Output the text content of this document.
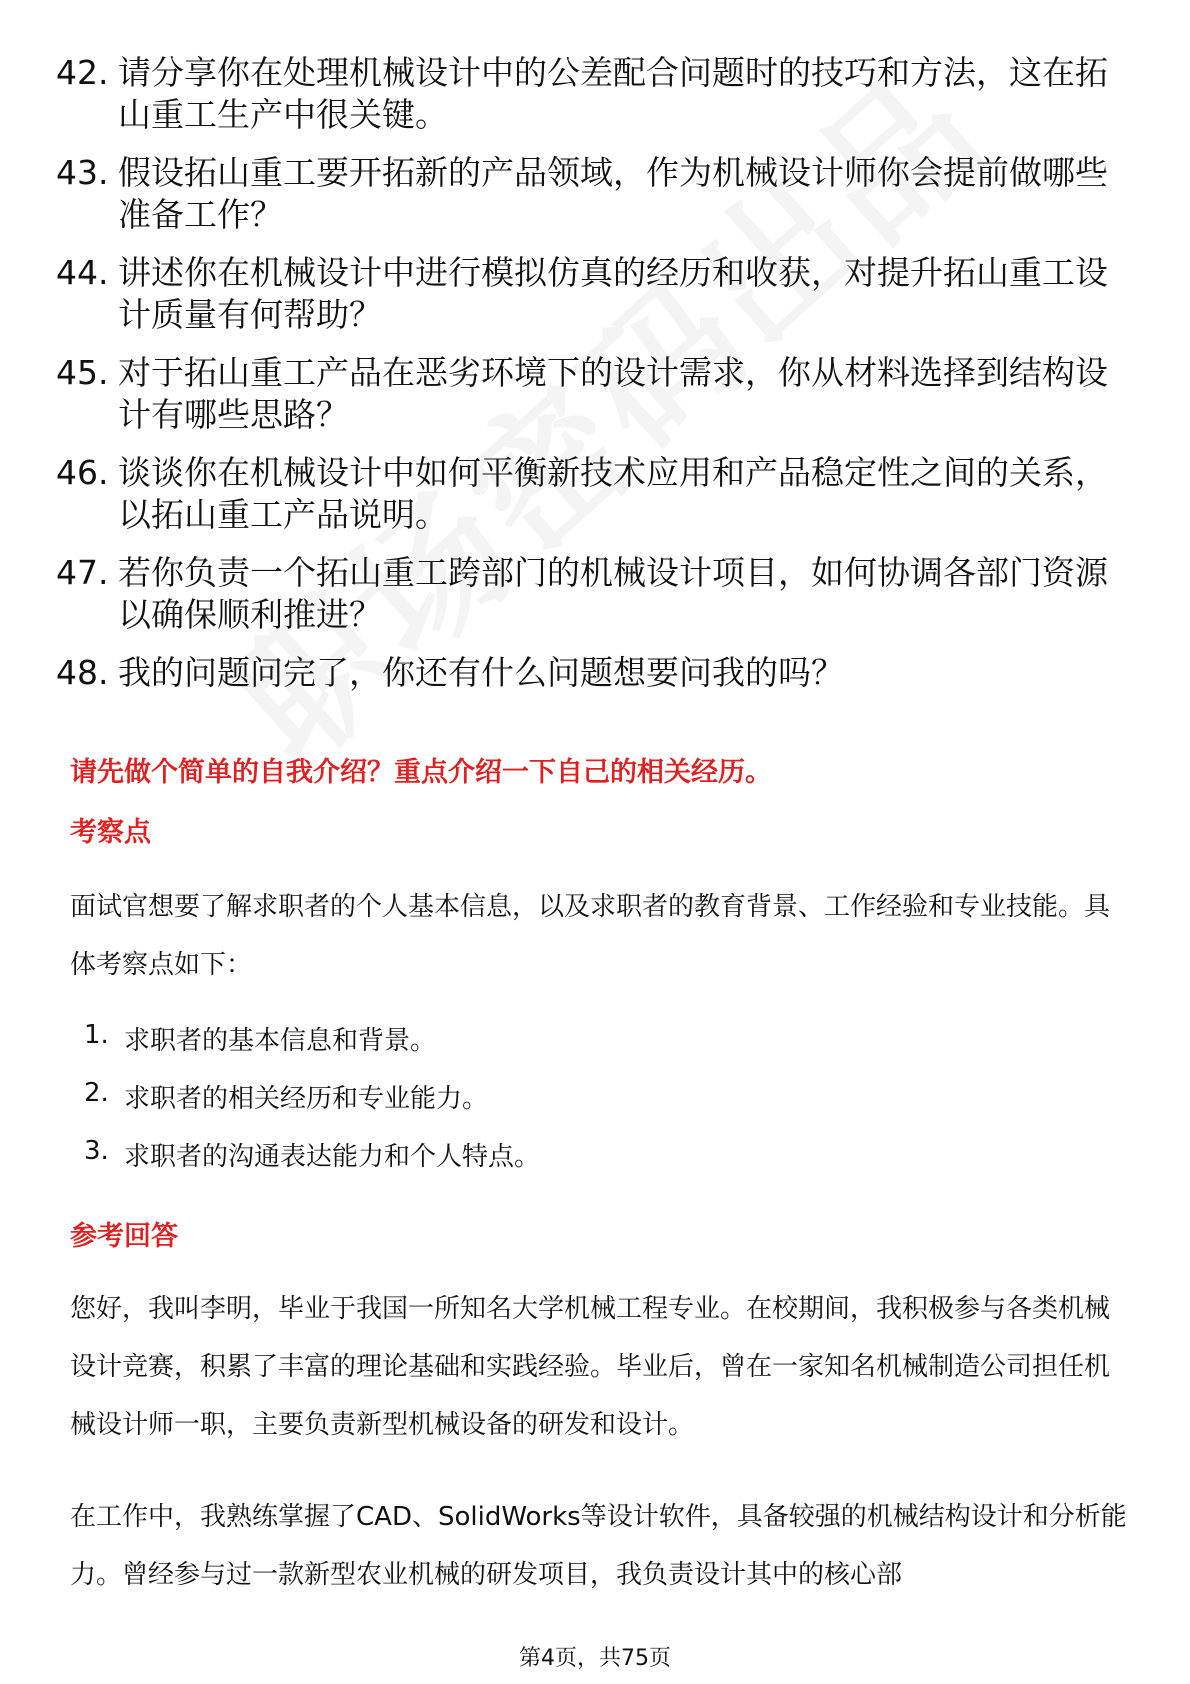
42. 请分享你在处理机械设计中的公差配合问题时的技巧和方法，这在拓山重工生产中很关键。
43. 假设拓山重工要开拓新的产品领域，作为机械设计师你会提前做哪些准备工作？
44. 讲述你在机械设计中进行模拟仿真的经历和收获，对提升拓山重工设计质量有何帮助？
45. 对于拓山重工产品在恶劣环境下的设计需求，你从材料选择到结构设计有哪些思路？
46. 谈谈你在机械设计中如何平衡新技术应用和产品稳定性之间的关系，以拓山重工产品说明。
47. 若你负责一个拓山重工跨部门的机械设计项目，如何协调各部门资源以确保顺利推进？
48. 我的问题问完了，你还有什么问题想要问我的吗？
请先做个简单的自我介绍？重点介绍一下自己的相关经历。
考察点
面试官想要了解求职者的个人基本信息，以及求职者的教育背景、工作经验和专业技能。具体考察点如下：
1. 求职者的基本信息和背景。
2. 求职者的相关经历和专业能力。
3. 求职者的沟通表达能力和个人特点。
参考回答
您好，我叫李明，毕业于我国一所知名大学机械工程专业。在校期间，我积极参与各类机械设计竞赛，积累了丰富的理论基础和实践经验。毕业后，曾在一家知名机械制造公司担任机械设计师一职，主要负责新型机械设备的研发和设计。
在工作中，我熟练掌握了CAD、SolidWorks等设计软件，具备较强的机械结构设计和分析能力。曾经参与过一款新型农业机械的研发项目，我负责设计其中的核心部
第4页，共75页
